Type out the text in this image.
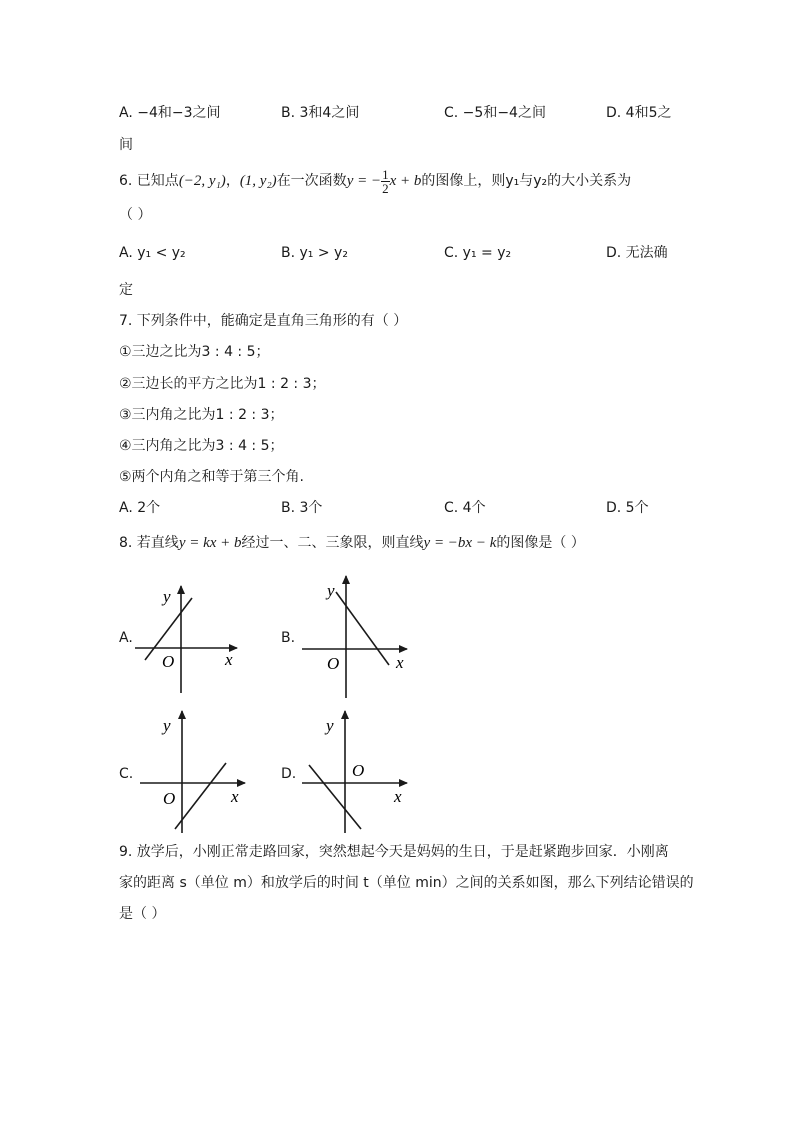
A. −4和−3之间	B. 3和4之间	C. −5和−4之间	D. 4和5之
间
6. 已知点 (−2, y₁) ， (1, y₂) 在一次函数 y = − $\frac{1}{2}$ x + b 的图像上，则y₁与y₂的大小关系为
（ ）
A. y₁ < y₂	B. y₁ > y₂	C. y₁ = y₂	D. 无法确
定
7. 下列条件中，能确定是直角三角形的有（ ）
①三边之比为3 : 4 : 5；
②三边长的平方之比为1 : 2 : 3；
③三内角之比为1 : 2 : 3；
④三内角之比为3 : 4 : 5；
⑤两个内角之和等于第三个角.
A. 2个	B. 3个	C. 4个	D. 5个
8. 若直线y = kx + b经过一、二、三象限，则直线y = −bx − k的图像是（ ）
A.	B.
C.	D.
y
x
O
y
x
O
y
x
O
y
x
O
9. 放学后，小刚正常走路回家，突然想起今天是妈妈的生日，于是赶紧跑步回家．小刚离
家的距离 s（单位 m）和放学后的时间 t（单位 min）之间的关系如图，那么下列结论错误的
是（ ）
